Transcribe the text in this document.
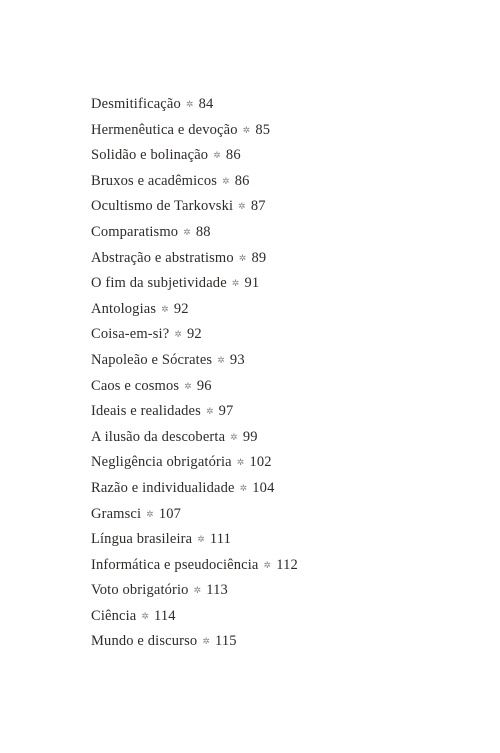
Desmitificação ✲ 84
Hermenêutica e devoção ✲ 85
Solidão e bolinação ✲ 86
Bruxos e acadêmicos ✲ 86
Ocultismo de Tarkovski ✲ 87
Comparatismo ✲ 88
Abstração e abstratismo ✲ 89
O fim da subjetividade ✲ 91
Antologias ✲ 92
Coisa-em-si? ✲ 92
Napoleão e Sócrates ✲ 93
Caos e cosmos ✲ 96
Ideais e realidades ✲ 97
A ilusão da descoberta ✲ 99
Negligência obrigatória ✲ 102
Razão e individualidade ✲ 104
Gramsci ✲ 107
Língua brasileira ✲ 111
Informática e pseudociência ✲ 112
Voto obrigatório ✲ 113
Ciência ✲ 114
Mundo e discurso ✲ 115
